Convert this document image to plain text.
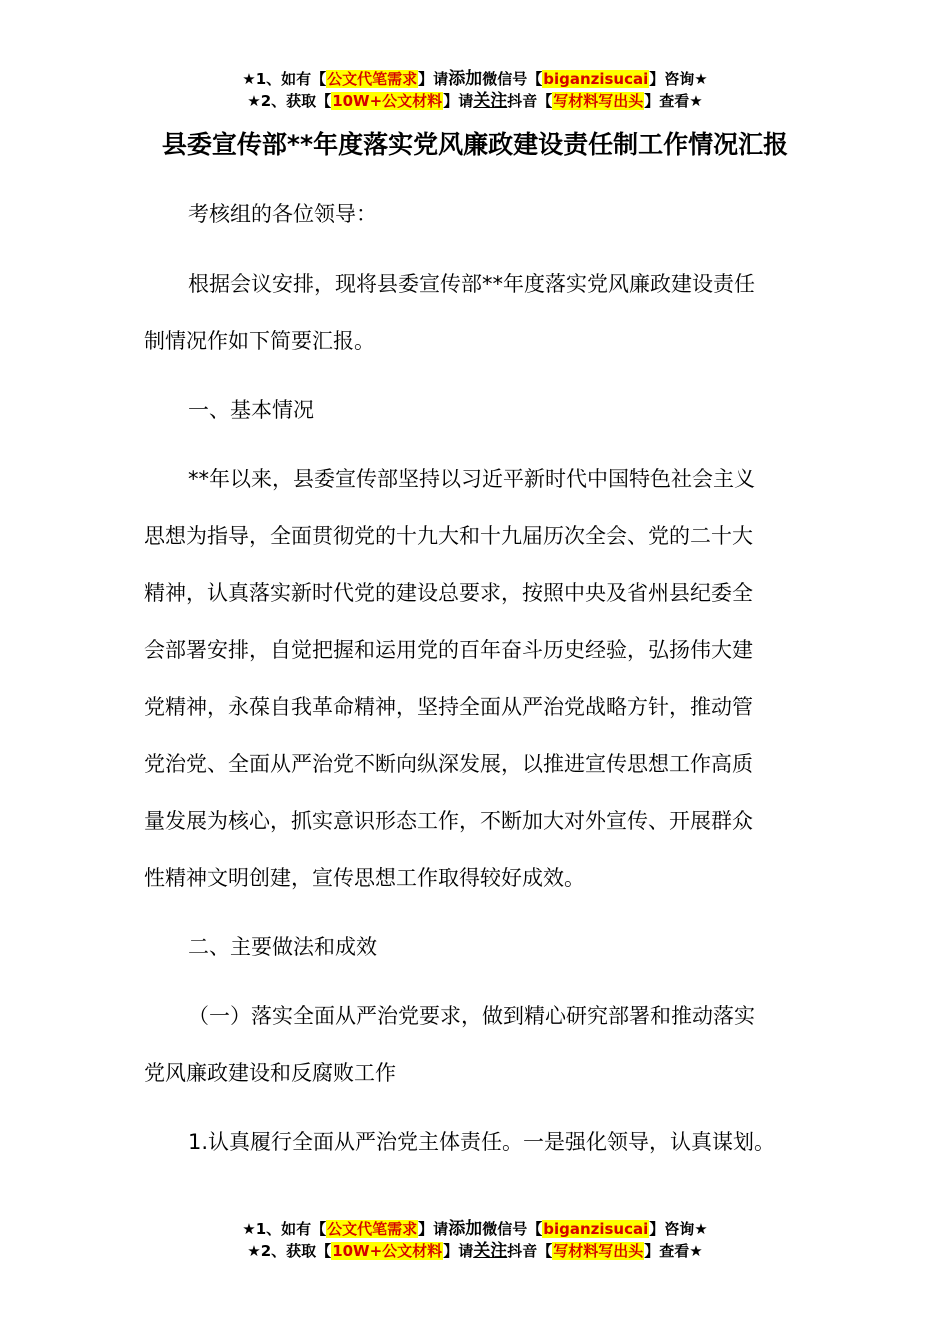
★1、如有【公文代笔需求】请添加微信号【biganzisucai】咨询★
★2、获取【10W+公文材料】请关注抖音【写材料写出头】查看★
县委宣传部**年度落实党风廉政建设责任制工作情况汇报

考核组的各位领导：

根据会议安排，现将县委宣传部**年度落实党风廉政建设责任

制情况作如下简要汇报。

一、基本情况

**年以来，县委宣传部坚持以习近平新时代中国特色社会主义

思想为指导，全面贯彻党的十九大和十九届历次全会、党的二十大

精神，认真落实新时代党的建设总要求，按照中央及省州县纪委全

会部署安排，自觉把握和运用党的百年奋斗历史经验，弘扬伟大建

党精神，永葆自我革命精神，坚持全面从严治党战略方针，推动管

党治党、全面从严治党不断向纵深发展，以推进宣传思想工作高质

量发展为核心，抓实意识形态工作，不断加大对外宣传、开展群众

性精神文明创建，宣传思想工作取得较好成效。

二、主要做法和成效

（一）落实全面从严治党要求，做到精心研究部署和推动落实

党风廉政建设和反腐败工作

1.认真履行全面从严治党主体责任。一是强化领导，认真谋划。

★1、如有【公文代笔需求】请添加微信号【biganzisucai】咨询★
★2、获取【10W+公文材料】请关注抖音【写材料写出头】查看★
